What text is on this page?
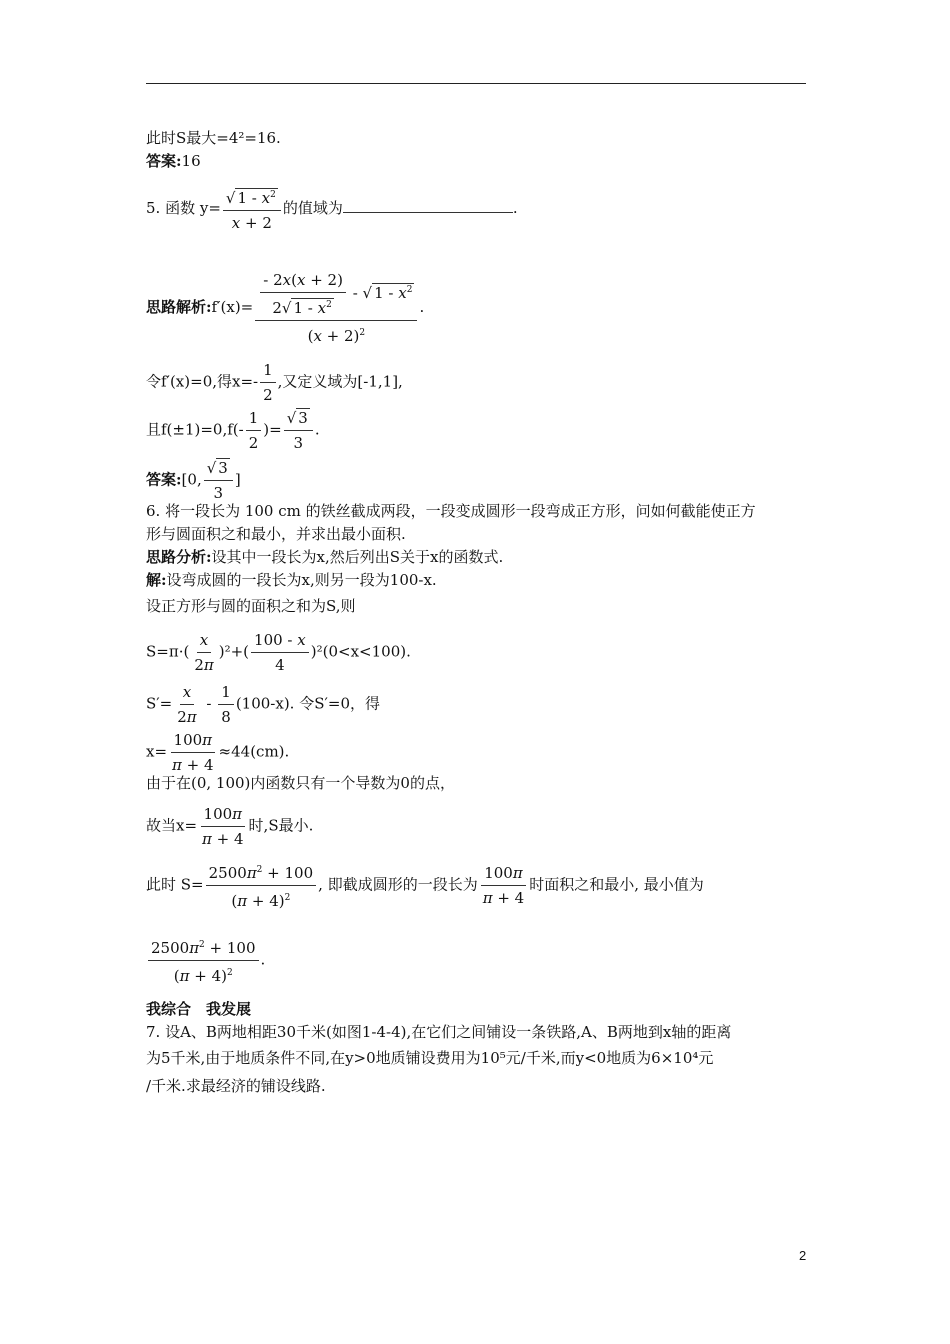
此时S最大=4²=16.
答案:16
5. 函数 $y= \frac{√ 1 - x^2}{x + 2}$ 的值域为	.
思路解析:f′(x)= $\frac{\frac{- 2x(x + 2)}{2√ 1 - x^2} - √ 1 - x^2}{(x + 2)^2}$ .
令f′(x)=0,得$x=- \frac{1}{2}$ ,又定义域为[-1,1],
且$f(\pm 1)=0,f(- \frac{1}{2}$ )= $\frac{√ 3}{3}$ .
答案:[0, $\frac{√ 3}{3}$ ]
6. 将一段长为 100 cm 的铁丝截成两段，一段变成圆形一段弯成正方形，问如何截能使正方
形与圆面积之和最小，并求出最小面积.
思路分析:设其中一段长为x,然后列出S关于x的函数式.
解:设弯成圆的一段长为x,则另一段为100-x.
设正方形与圆的面积之和为S,则
$S=\pi\cdot( \frac{x}{2\pi} )^2+( \frac{100 - x}{4} )^2(0<x<100)$.
$S'= \frac{x}{2\pi} - \frac{1}{8} (100-x)$. 令S′=0，得
$x= \frac{100\pi}{\pi + 4} \approx 44(cm)$.
由于在(0, 100)内函数只有一个导数为0的点，
故当$x= \frac{100\pi}{\pi + 4}$ 时,S最小.
此时 $S= \frac{2500\pi^2 + 100}{(\pi + 4)^2}$ , 即截成圆形的一段长为 $\frac{100\pi}{\pi + 4}$ 时面积之和最小, 最小值为
$\frac{2500\pi^2 + 100}{(\pi + 4)^2}$ .
我综合　我发展
7. 设A、B两地相距30千米(如图1-4-4),在它们之间铺设一条铁路,A、B两地到x轴的距离
为5千米,由于地质条件不同,在y>0地质铺设费用为10⁵元/千米,而y<0地质为6×10⁴元
/千米.求最经济的铺设线路.
2
